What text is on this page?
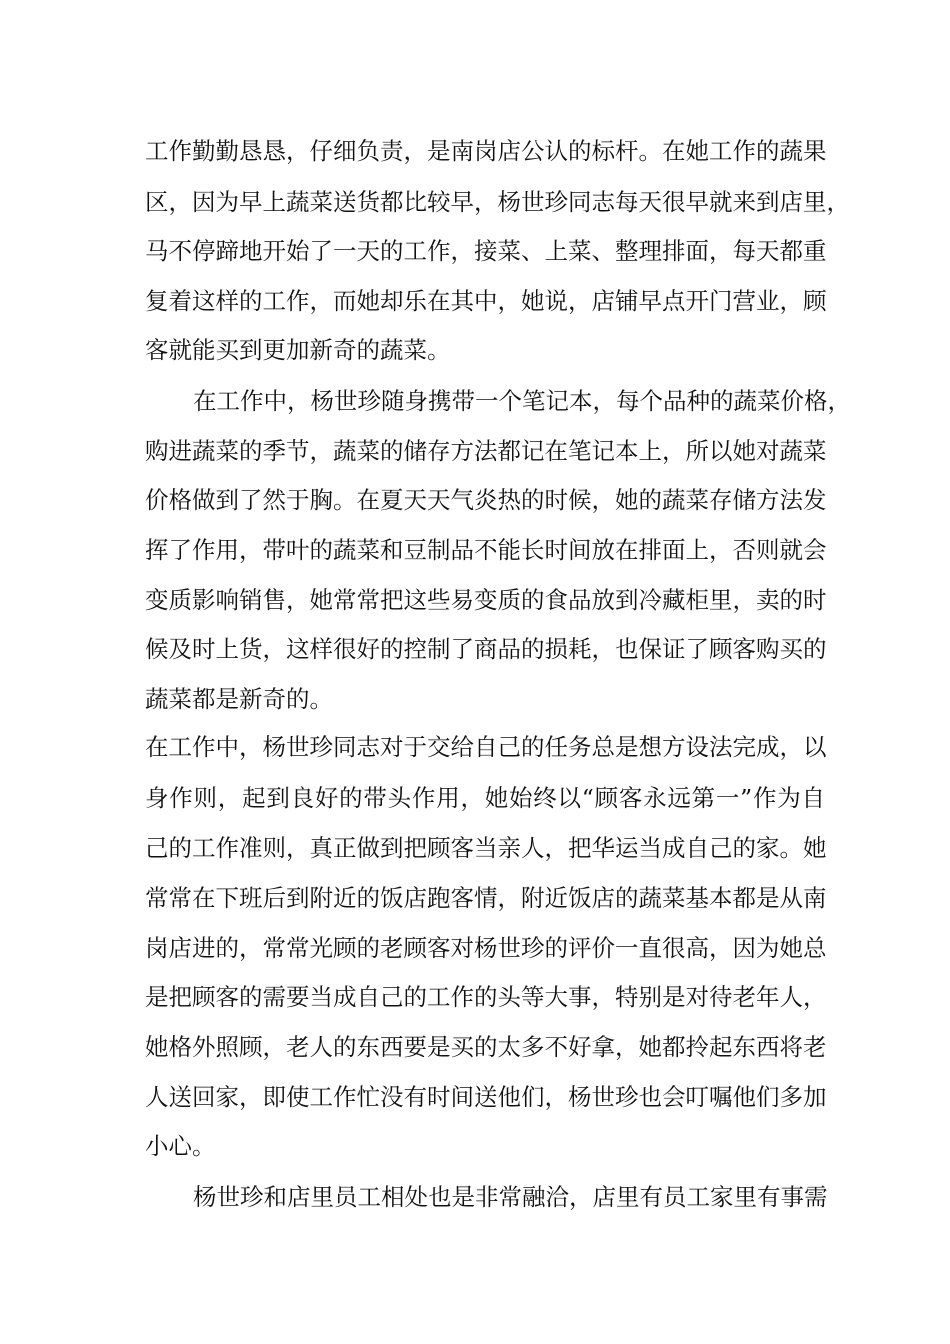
工作勤勤恳恳，仔细负责，是南岗店公认的标杆。在她工作的蔬果
区，因为早上蔬菜送货都比较早，杨世珍同志每天很早就来到店里，
马不停蹄地开始了一天的工作，接菜、上菜、整理排面，每天都重
复着这样的工作，而她却乐在其中，她说，店铺早点开门营业，顾
客就能买到更加新奇的蔬菜。
在工作中，杨世珍随身携带一个笔记本，每个品种的蔬菜价格，
购进蔬菜的季节，蔬菜的储存方法都记在笔记本上，所以她对蔬菜
价格做到了然于胸。在夏天天气炎热的时候，她的蔬菜存储方法发
挥了作用，带叶的蔬菜和豆制品不能长时间放在排面上，否则就会
变质影响销售，她常常把这些易变质的食品放到冷藏柜里，卖的时
候及时上货，这样很好的控制了商品的损耗，也保证了顾客购买的
蔬菜都是新奇的。
在工作中，杨世珍同志对于交给自己的任务总是想方设法完成，以
身作则，起到良好的带头作用，她始终以“顾客永远第一”作为自
己的工作准则，真正做到把顾客当亲人，把华运当成自己的家。她
常常在下班后到附近的饭店跑客情，附近饭店的蔬菜基本都是从南
岗店进的，常常光顾的老顾客对杨世珍的评价一直很高，因为她总
是把顾客的需要当成自己的工作的头等大事，特别是对待老年人，
她格外照顾，老人的东西要是买的太多不好拿，她都拎起东西将老
人送回家，即使工作忙没有时间送他们，杨世珍也会叮嘱他们多加
小心。
杨世珍和店里员工相处也是非常融洽，店里有员工家里有事需
